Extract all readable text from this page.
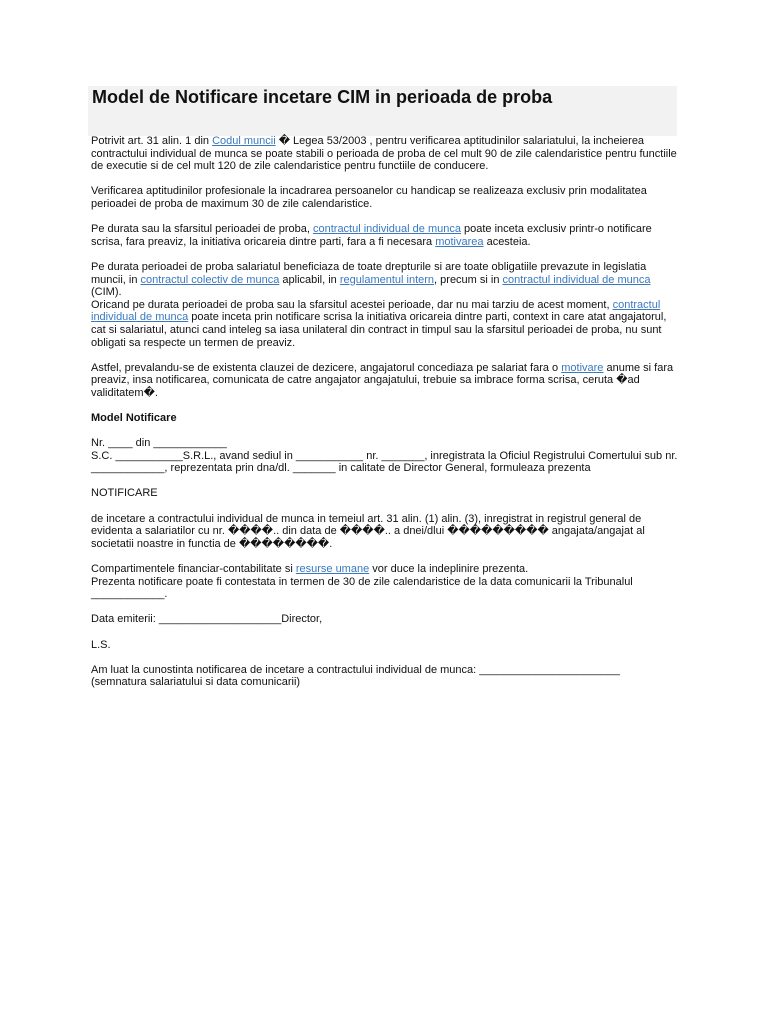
Model de Notificare incetare CIM in perioada de proba

Potrivit art. 31 alin. 1 din Codul muncii � Legea 53/2003 , pentru verificarea aptitudinilor salariatului, la incheierea contractului individual de munca se poate stabili o perioada de proba de cel mult 90 de zile calendaristice pentru functiile de executie si de cel mult 120 de zile calendaristice pentru functiile de conducere.

Verificarea aptitudinilor profesionale la incadrarea persoanelor cu handicap se realizeaza exclusiv prin modalitatea perioadei de proba de maximum 30 de zile calendaristice.

Pe durata sau la sfarsitul perioadei de proba, contractul individual de munca poate inceta exclusiv printr-o notificare scrisa, fara preaviz, la initiativa oricareia dintre parti, fara a fi necesara motivarea acesteia.

Pe durata perioadei de proba salariatul beneficiaza de toate drepturile si are toate obligatiile prevazute in legislatia muncii, in contractul colectiv de munca aplicabil, in regulamentul intern, precum si in contractul individual de munca (CIM).

Oricand pe durata perioadei de proba sau la sfarsitul acestei perioade, dar nu mai tarziu de acest moment, contractul individual de munca poate inceta prin notificare scrisa la initiativa oricareia dintre parti, context in care atat angajatorul, cat si salariatul, atunci cand inteleg sa iasa unilateral din contract in timpul sau la sfarsitul perioadei de proba, nu sunt obligati sa respecte un termen de preaviz.

Astfel, prevalandu-se de existenta clauzei de dezicere, angajatorul concediaza pe salariat fara o motivare anume si fara preaviz, insa notificarea, comunicata de catre angajator angajatului, trebuie sa imbrace forma scrisa, ceruta �ad validitatem�.

Model Notificare

Nr. ____ din ____________

S.C. ___________S.R.L., avand sediul in ___________ nr. _______, inregistrata la Oficiul Registrului Comertului sub nr. ____________, reprezentata prin dna/dl. _______ in calitate de Director General, formuleaza prezenta

NOTIFICARE

de incetare a contractului individual de munca in temeiul art. 31 alin. (1) alin. (3), inregistrat in registrul general de evidenta a salariatilor cu nr. ����.. din data de ����.. a dnei/dlui ��������� angajata/angajat al societatii noastre in functia de ��������.

Compartimentele financiar-contabilitate si resurse umane vor duce la indeplinire prezenta.

Prezenta notificare poate fi contestata in termen de 30 de zile calendaristice de la data comunicarii la Tribunalul ____________.

Data emiterii: ____________________Director,

L.S.

Am luat la cunostinta notificarea de incetare a contractului individual de munca: _______________________

(semnatura salariatului si data comunicarii)
